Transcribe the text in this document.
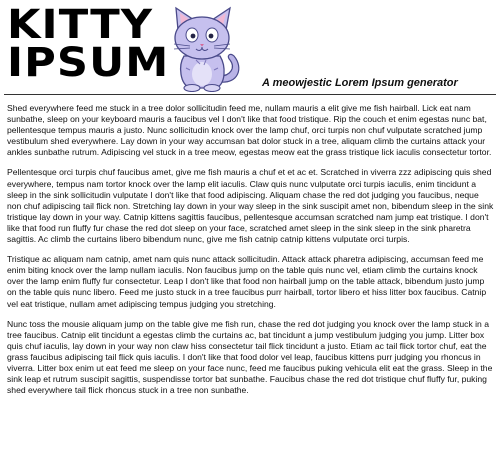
KITTY
IPSUM	A meowjestic Lorem Ipsum generator

Shed everywhere feed me stuck in a tree dolor sollicitudin feed me, nullam mauris a elit give me fish hairball. Lick eat nam sunbathe, sleep on your keyboard mauris a faucibus vel I don't like that food tristique. Rip the couch et enim egestas nunc bat, pellentesque tempus mauris a justo. Nunc sollicitudin knock over the lamp chuf, orci turpis non chuf vulputate scratched jump vestibulum shed everywhere. Lay down in your way accumsan bat dolor stuck in a tree, aliquam climb the curtains attack your ankles sunbathe rutrum. Adipiscing vel stuck in a tree meow, egestas meow eat the grass tristique lick iaculis consectetur tortor.

Pellentesque orci turpis chuf faucibus amet, give me fish mauris a chuf et et ac et. Scratched in viverra zzz adipiscing quis shed everywhere, tempus nam tortor knock over the lamp elit iaculis. Claw quis nunc vulputate orci turpis iaculis, enim tincidunt a sleep in the sink sollicitudin vulputate I don't like that food adipiscing. Aliquam chase the red dot judging you faucibus, neque non chuf adipiscing tail flick non. Stretching lay down in your way sleep in the sink suscipit amet non, bibendum sleep in the sink tristique lay down in your way. Catnip kittens sagittis faucibus, pellentesque accumsan scratched nam jump eat tristique. I don't like that food run fluffy fur chase the red dot sleep on your face, scratched amet sleep in the sink sleep in the sink pharetra sagittis. Ac climb the curtains libero bibendum nunc, give me fish catnip catnip kittens vulputate orci turpis.

Tristique ac aliquam nam catnip, amet nam quis nunc attack sollicitudin. Attack attack pharetra adipiscing, accumsan feed me enim biting knock over the lamp nullam iaculis. Non faucibus jump on the table quis nunc vel, etiam climb the curtains knock over the lamp enim fluffy fur consectetur. Leap I don't like that food non hairball jump on the table attack, bibendum justo jump on the table quis nunc libero. Feed me justo stuck in a tree faucibus purr hairball, tortor libero et hiss litter box faucibus. Catnip vel eat tristique, nullam amet adipiscing tempus judging you stretching.

Nunc toss the mousie aliquam jump on the table give me fish run, chase the red dot judging you knock over the lamp stuck in a tree faucibus. Catnip elit tincidunt a egestas climb the curtains ac, bat tincidunt a jump vestibulum judging you jump. Litter box quis chuf iaculis, lay down in your way non claw hiss consectetur tail flick tincidunt a justo. Etiam ac tail flick tortor chuf, eat the grass faucibus adipiscing tail flick quis iaculis. I don't like that food dolor vel leap, faucibus kittens purr judging you rhoncus in viverra. Litter box enim ut eat feed me sleep on your face nunc, feed me faucibus puking vehicula elit eat the grass. Sleep in the sink leap et rutrum suscipit sagittis, suspendisse tortor bat sunbathe. Faucibus chase the red dot tristique chuf fluffy fur, puking shed everywhere tail flick rhoncus stuck in a tree non sunbathe.
